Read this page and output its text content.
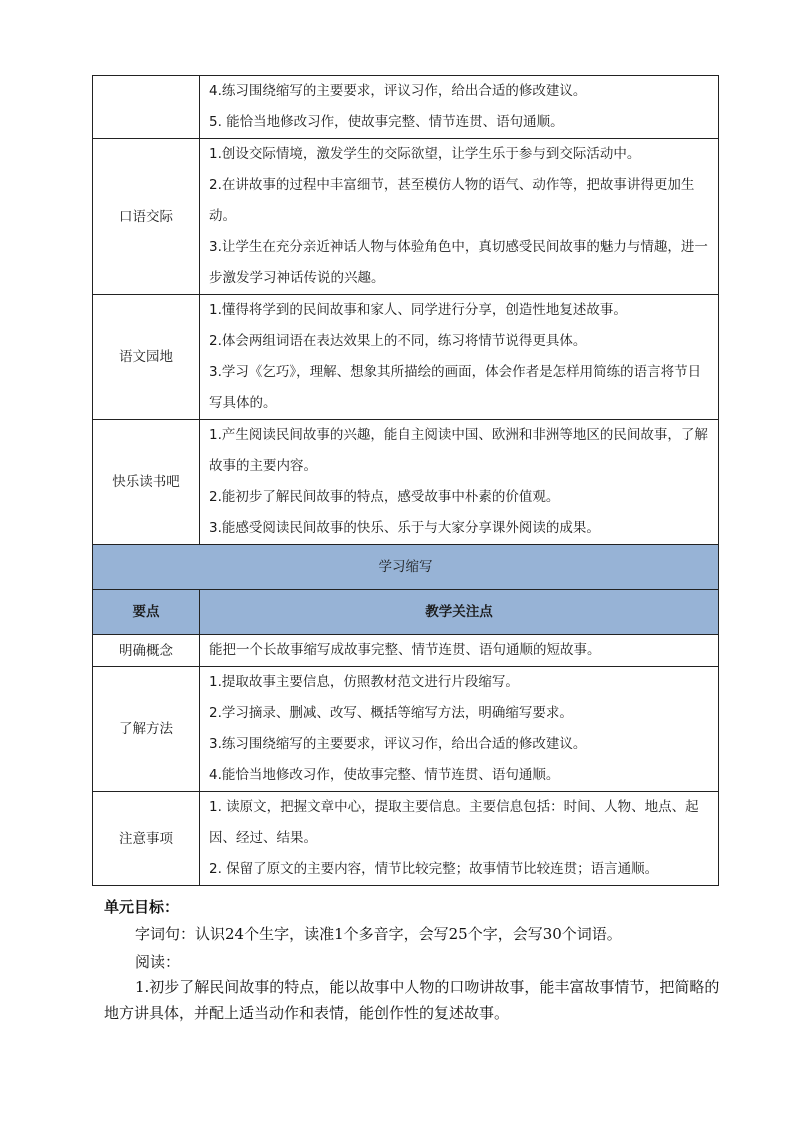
	4.练习围绕缩写的主要要求，评议习作，给出合适的修改建议。
5. 能恰当地修改习作，使故事完整、情节连贯、语句通顺。

口语交际	1.创设交际情境，激发学生的交际欲望，让学生乐于参与到交际活动中。
2.在讲故事的过程中丰富细节，甚至模仿人物的语气、动作等，把故事讲得更加生动。
3.让学生在充分亲近神话人物与体验角色中，真切感受民间故事的魅力与情趣，进一步激发学习神话传说的兴趣。

语文园地	1.懂得将学到的民间故事和家人、同学进行分享，创造性地复述故事。
2.体会两组词语在表达效果上的不同，练习将情节说得更具体。
3.学习《乞巧》，理解、想象其所描绘的画面，体会作者是怎样用简练的语言将节日写具体的。

快乐读书吧	1.产生阅读民间故事的兴趣，能自主阅读中国、欧洲和非洲等地区的民间故事，了解故事的主要内容。
2.能初步了解民间故事的特点，感受故事中朴素的价值观。
3.能感受阅读民间故事的快乐、乐于与大家分享课外阅读的成果。

学习缩写	
要点	教学关注点
明确概念	能把一个长故事缩写成故事完整、情节连贯、语句通顺的短故事。

了解方法	1.提取故事主要信息，仿照教材范文进行片段缩写。
2.学习摘录、删减、改写、概括等缩写方法，明确缩写要求。
3.练习围绕缩写的主要要求，评议习作，给出合适的修改建议。
4.能恰当地修改习作，使故事完整、情节连贯、语句通顺。

注意事项	1. 读原文，把握文章中心，提取主要信息。主要信息包括：时间、人物、地点、起因、经过、结果。
2. 保留了原文的主要内容，情节比较完整；故事情节比较连贯；语言通顺。
单元目标：
字词句：认识24个生字，读准1个多音字，会写25个字，会写30个词语。
阅读：
1.初步了解民间故事的特点，能以故事中人物的口吻讲故事，能丰富故事情节，把简略的地方讲具体，并配上适当动作和表情，能创作性的复述故事。
